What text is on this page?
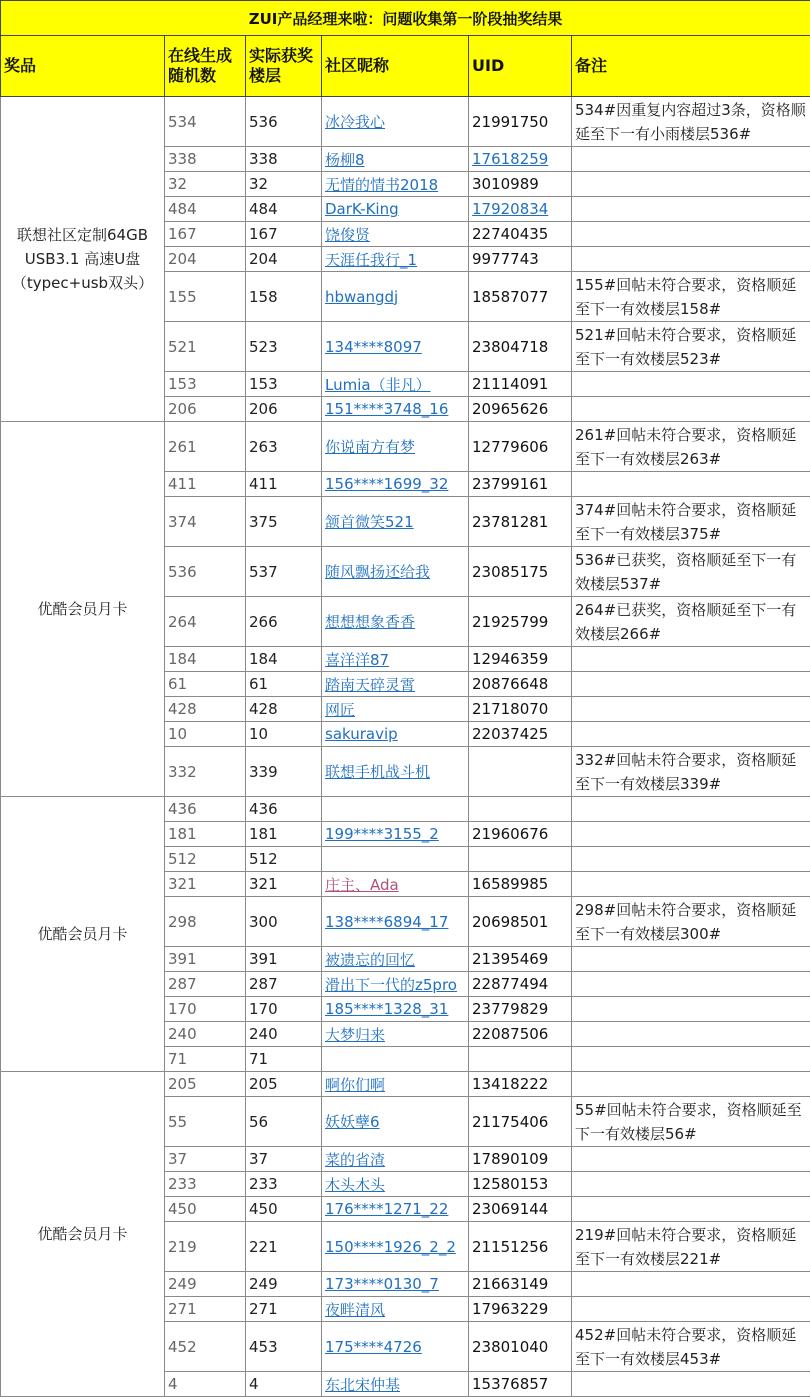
ZUI产品经理来啦：问题收集第一阶段抽奖结果					
奖品	在线生成随机数	实际获奖楼层	社区昵称	UID	备注
联想社区定制64GB USB3.1 高速U盘（typec+usb双头）	534	536	冰冷我心	21991750	534#因重复内容超过3条，资格顺延至下一有小雨楼层536#
	338	338	杨柳8	17618259	
	32	32	无情的情书2018	3010989	
	484	484	DarK-King	17920834	
	167	167	饶俊贤	22740435	
	204	204	天涯任我行_1	9977743	
	155	158	hbwangdj	18587077	155#回帖未符合要求，资格顺延至下一有效楼层158#
	521	523	134****8097	23804718	521#回帖未符合要求，资格顺延至下一有效楼层523#
	153	153	Lumia（非凡）	21114091	
	206	206	151****3748_16	20965626	
优酷会员月卡	261	263	你说南方有梦	12779606	261#回帖未符合要求，资格顺延至下一有效楼层263#
	411	411	156****1699_32	23799161	
	374	375	颔首微笑521	23781281	374#回帖未符合要求，资格顺延至下一有效楼层375#
	536	537	随风飘扬还给我	23085175	536#已获奖，资格顺延至下一有效楼层537#
	264	266	想想想象香香	21925799	264#已获奖，资格顺延至下一有效楼层266#
	184	184	喜洋洋87	12946359	
	61	61	踏南天碎灵霄	20876648	
	428	428	网匠	21718070	
	10	10	sakuravip	22037425	
	332	339	联想手机战斗机		332#回帖未符合要求，资格顺延至下一有效楼层339#
优酷会员月卡	436	436			
	181	181	199****3155_2	21960676	
	512	512			
	321	321	庄主、Ada	16589985	
	298	300	138****6894_17	20698501	298#回帖未符合要求，资格顺延至下一有效楼层300#
	391	391	被遗忘的回忆	21395469	
	287	287	滑出下一代的z5pro	22877494	
	170	170	185****1328_31	23779829	
	240	240	大梦归来	22087506	
	71	71			
优酷会员月卡	205	205	啊你们啊	13418222	
	55	56	妖妖孽6	21175406	55#回帖未符合要求，资格顺延至下一有效楼层56#
	37	37	菜的省渣	17890109	
	233	233	木头木头	12580153	
	450	450	176****1271_22	23069144	
	219	221	150****1926_2_2	21151256	219#回帖未符合要求，资格顺延至下一有效楼层221#
	249	249	173****0130_7	21663149	
	271	271	夜畔清风	17963229	
	452	453	175****4726	23801040	452#回帖未符合要求，资格顺延至下一有效楼层453#
	4	4	东北宋仲基	15376857	
